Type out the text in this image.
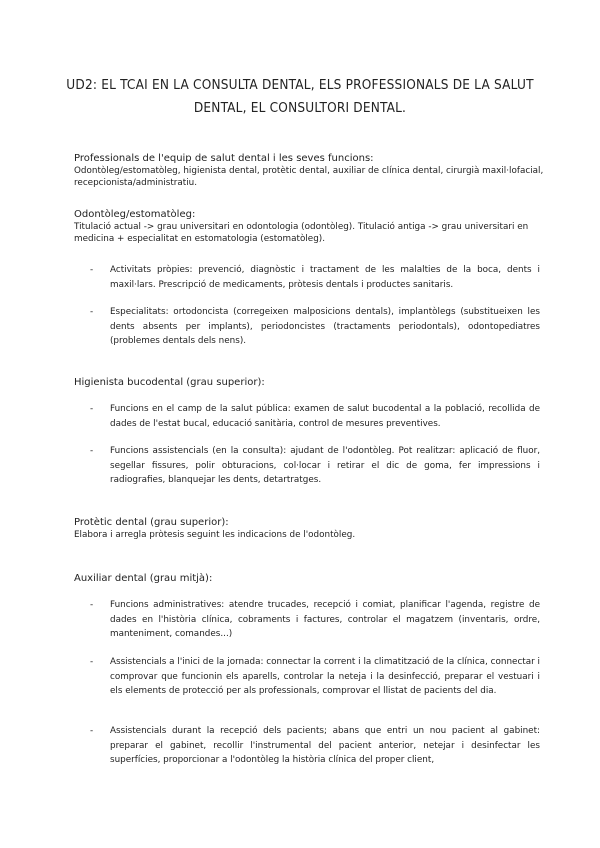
UD2: EL TCAI EN LA CONSULTA DENTAL, ELS PROFESSIONALS DE LA SALUT DENTAL, EL CONSULTORI DENTAL.
Professionals de l'equip de salut dental i les seves funcions:
Odontòleg/estomatòleg, higienista dental, protètic dental, auxiliar de clínica dental, cirurgià maxil·lofacial, recepcionista/administratiu.
Odontòleg/estomatòleg:
Titulació actual -> grau universitari en odontologia (odontòleg). Titulació antiga -> grau universitari en medicina + especialitat en estomatologia (estomatòleg).
- Activitats pròpies: prevenció, diagnòstic i tractament de les malalties de la boca, dents i maxil·lars. Prescripció de medicaments, pròtesis dentals i productes sanitaris.
- Especialitats: ortodoncista (corregeixen malposicions dentals), implantòlegs (substitueixen les dents absents per implants), periodoncistes (tractaments periodontals), odontopediatres (problemes dentals dels nens).
Higienista bucodental (grau superior):
- Funcions en el camp de la salut pública: examen de salut bucodental a la població, recollida de dades de l'estat bucal, educació sanitària, control de mesures preventives.
- Funcions assistencials (en la consulta): ajudant de l'odontòleg. Pot realitzar: aplicació de fluor, segellar fissures, polir obturacions, col·locar i retirar el dic de goma, fer impressions i radiografies, blanquejar les dents, detartratges.
Protètic dental (grau superior):
Elabora i arregla pròtesis seguint les indicacions de l'odontòleg.
Auxiliar dental (grau mitjà):
- Funcions administratives: atendre trucades, recepció i comiat, planificar l'agenda, registre de dades en l'història clínica, cobraments i factures, controlar el magatzem (inventaris, ordre, manteniment, comandes...)
- Assistencials a l'inici de la jornada: connectar la corrent i la climatització de la clínica, connectar i comprovar que funcionin els aparells, controlar la neteja i la desinfecció, preparar el vestuari i els elements de protecció per als professionals, comprovar el llistat de pacients del dia.
- Assistencials durant la recepció dels pacients; abans que entri un nou pacient al gabinet: preparar el gabinet, recollir l'instrumental del pacient anterior, netejar i desinfectar les superfícies, proporcionar a l'odontòleg la història clínica del proper client,
